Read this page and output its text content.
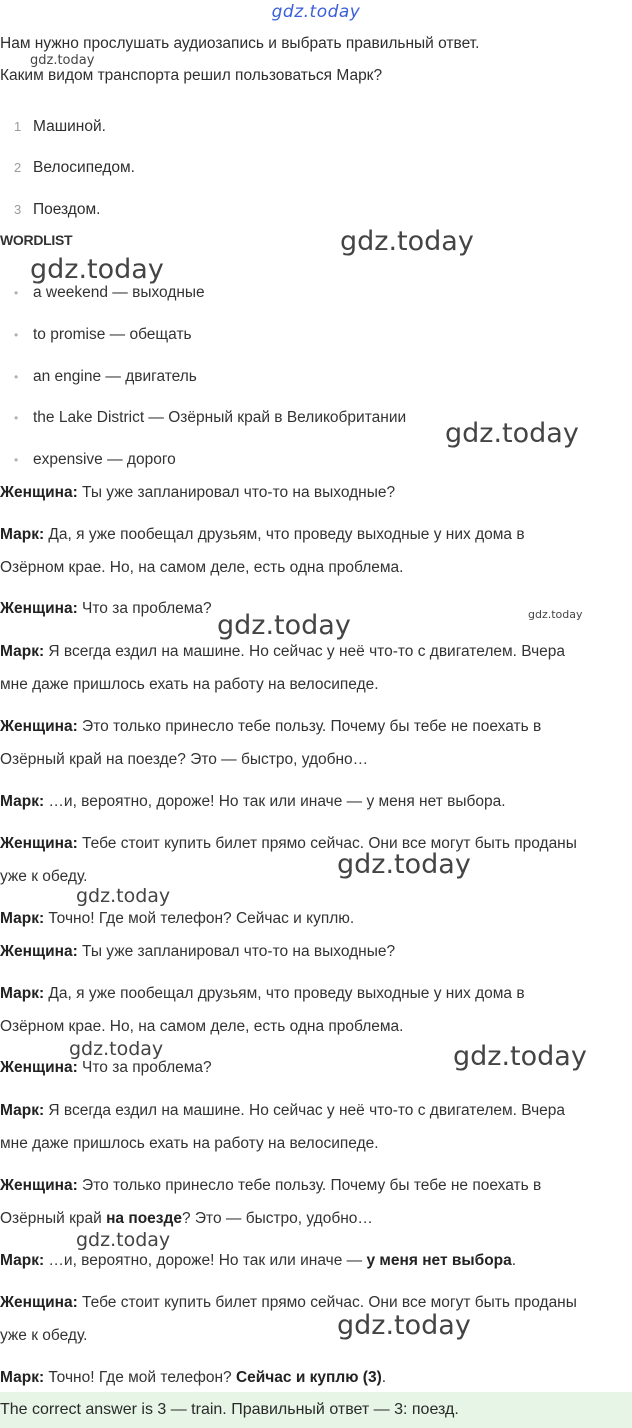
gdz.today
Нам нужно прослушать аудиозапись и выбрать правильный ответ.
Каким видом транспорта решил пользоваться Марк?
1 Машиной.
2 Велосипедом.
3 Поездом.
WORDLIST
• a weekend — выходные
• to promise — обещать
• an engine — двигатель
• the Lake District — Озёрный край в Великобритании
• expensive — дорого
Женщина: Ты уже запланировал что-то на выходные?
Марк: Да, я уже пообещал друзьям, что проведу выходные у них дома в
Озёрном крае. Но, на самом деле, есть одна проблема.
Женщина: Что за проблема?
Марк: Я всегда ездил на машине. Но сейчас у неё что-то с двигателем. Вчера
мне даже пришлось ехать на работу на велосипеде.
Женщина: Это только принесло тебе пользу. Почему бы тебе не поехать в
Озёрный край на поезде? Это — быстро, удобно…
Марк: …и, вероятно, дороже! Но так или иначе — у меня нет выбора.
Женщина: Тебе стоит купить билет прямо сейчас. Они все могут быть проданы
уже к обеду.
Марк: Точно! Где мой телефон? Сейчас и куплю.
Женщина: Ты уже запланировал что-то на выходные?
Марк: Да, я уже пообещал друзьям, что проведу выходные у них дома в
Озёрном крае. Но, на самом деле, есть одна проблема.
Женщина: Что за проблема?
Марк: Я всегда ездил на машине. Но сейчас у неё что-то с двигателем. Вчера
мне даже пришлось ехать на работу на велосипеде.
Женщина: Это только принесло тебе пользу. Почему бы тебе не поехать в
Озёрный край на поезде? Это — быстро, удобно…
Марк: …и, вероятно, дороже! Но так или иначе — у меня нет выбора.
Женщина: Тебе стоит купить билет прямо сейчас. Они все могут быть проданы
уже к обеду.
Марк: Точно! Где мой телефон? Сейчас и куплю (3).
The correct answer is 3 — train. Правильный ответ — 3: поезд.
gdz.today
gdz.today
gdz.today
gdz.today
gdz.today
gdz.today
gdz.today
gdz.today
gdz.today	gdz.today
gdz.today
gdz.today
